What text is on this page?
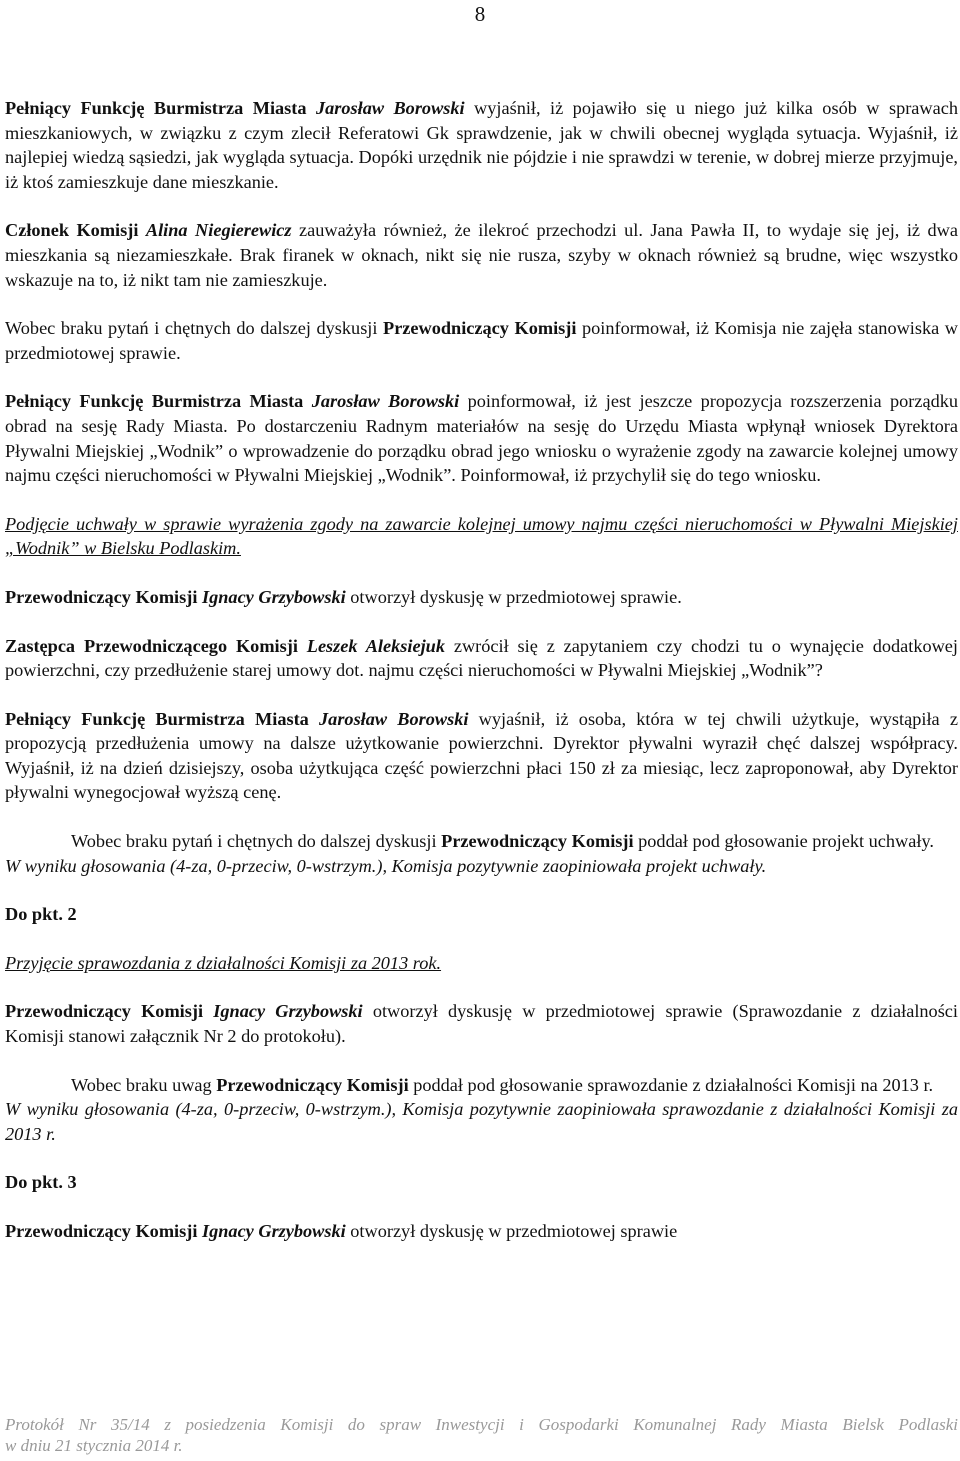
8

Pełniący Funkcję Burmistrza Miasta Jarosław Borowski wyjaśnił, iż pojawiło się u niego już kilka osób w sprawach mieszkaniowych, w związku z czym zlecił Referatowi Gk sprawdzenie, jak w chwili obecnej wygląda sytuacja. Wyjaśnił, iż najlepiej wiedzą sąsiedzi, jak wygląda sytuacja. Dopóki urzędnik nie pójdzie i nie sprawdzi w terenie, w dobrej mierze przyjmuje, iż ktoś zamieszkuje dane mieszkanie.

Członek Komisji Alina Niegierewicz zauważyła również, że ilekroć przechodzi ul. Jana Pawła II, to wydaje się jej, iż dwa mieszkania są niezamieszkałe. Brak firanek w oknach, nikt się nie rusza, szyby w oknach również są brudne, więc wszystko wskazuje na to, iż nikt tam nie zamieszkuje.

Wobec braku pytań i chętnych do dalszej dyskusji Przewodniczący Komisji poinformował, iż Komisja nie zajęła stanowiska w przedmiotowej sprawie.

Pełniący Funkcję Burmistrza Miasta Jarosław Borowski poinformował, iż jest jeszcze propozycja rozszerzenia porządku obrad na sesję Rady Miasta. Po dostarczeniu Radnym materiałów na sesję do Urzędu Miasta wpłynął wniosek Dyrektora Pływalni Miejskiej „Wodnik” o wprowadzenie do porządku obrad jego wniosku o wyrażenie zgody na zawarcie kolejnej umowy najmu części nieruchomości w Pływalni Miejskiej „Wodnik”. Poinformował, iż przychylił się do tego wniosku.

Podjęcie uchwały w sprawie wyrażenia zgody na zawarcie kolejnej umowy najmu części nieruchomości w Pływalni Miejskiej „Wodnik” w Bielsku Podlaskim.

Przewodniczący Komisji Ignacy Grzybowski otworzył dyskusję w przedmiotowej sprawie.

Zastępca Przewodniczącego Komisji Leszek Aleksiejuk zwrócił się z zapytaniem czy chodzi tu o wynajęcie dodatkowej powierzchni, czy przedłużenie starej umowy dot. najmu części nieruchomości w Pływalni Miejskiej „Wodnik”?

Pełniący Funkcję Burmistrza Miasta Jarosław Borowski wyjaśnił, iż osoba, która w tej chwili użytkuje, wystąpiła z propozycją przedłużenia umowy na dalsze użytkowanie powierzchni. Dyrektor pływalni wyraził chęć dalszej współpracy. Wyjaśnił, iż na dzień dzisiejszy, osoba użytkująca część powierzchni płaci 150 zł za miesiąc, lecz zaproponował, aby Dyrektor pływalni wynegocjował wyższą cenę.

Wobec braku pytań i chętnych do dalszej dyskusji Przewodniczący Komisji poddał pod głosowanie projekt uchwały.

W wyniku głosowania (4-za, 0-przeciw, 0-wstrzym.), Komisja pozytywnie zaopiniowała projekt uchwały.

Do pkt. 2

Przyjęcie sprawozdania z działalności Komisji za 2013 rok.

Przewodniczący Komisji Ignacy Grzybowski otworzył dyskusję w przedmiotowej sprawie (Sprawozdanie z działalności Komisji stanowi załącznik Nr 2 do protokołu).

Wobec braku uwag Przewodniczący Komisji poddał pod głosowanie sprawozdanie z działalności Komisji na 2013 r.

W wyniku głosowania (4-za, 0-przeciw, 0-wstrzym.), Komisja pozytywnie zaopiniowała sprawozdanie z działalności Komisji za 2013 r.

Do pkt. 3

Przewodniczący Komisji Ignacy Grzybowski otworzył dyskusję w przedmiotowej sprawie

Protokół Nr 35/14 z posiedzenia Komisji do spraw Inwestycji i Gospodarki Komunalnej Rady Miasta Bielsk Podlaski
w dniu 21 stycznia 2014 r.
